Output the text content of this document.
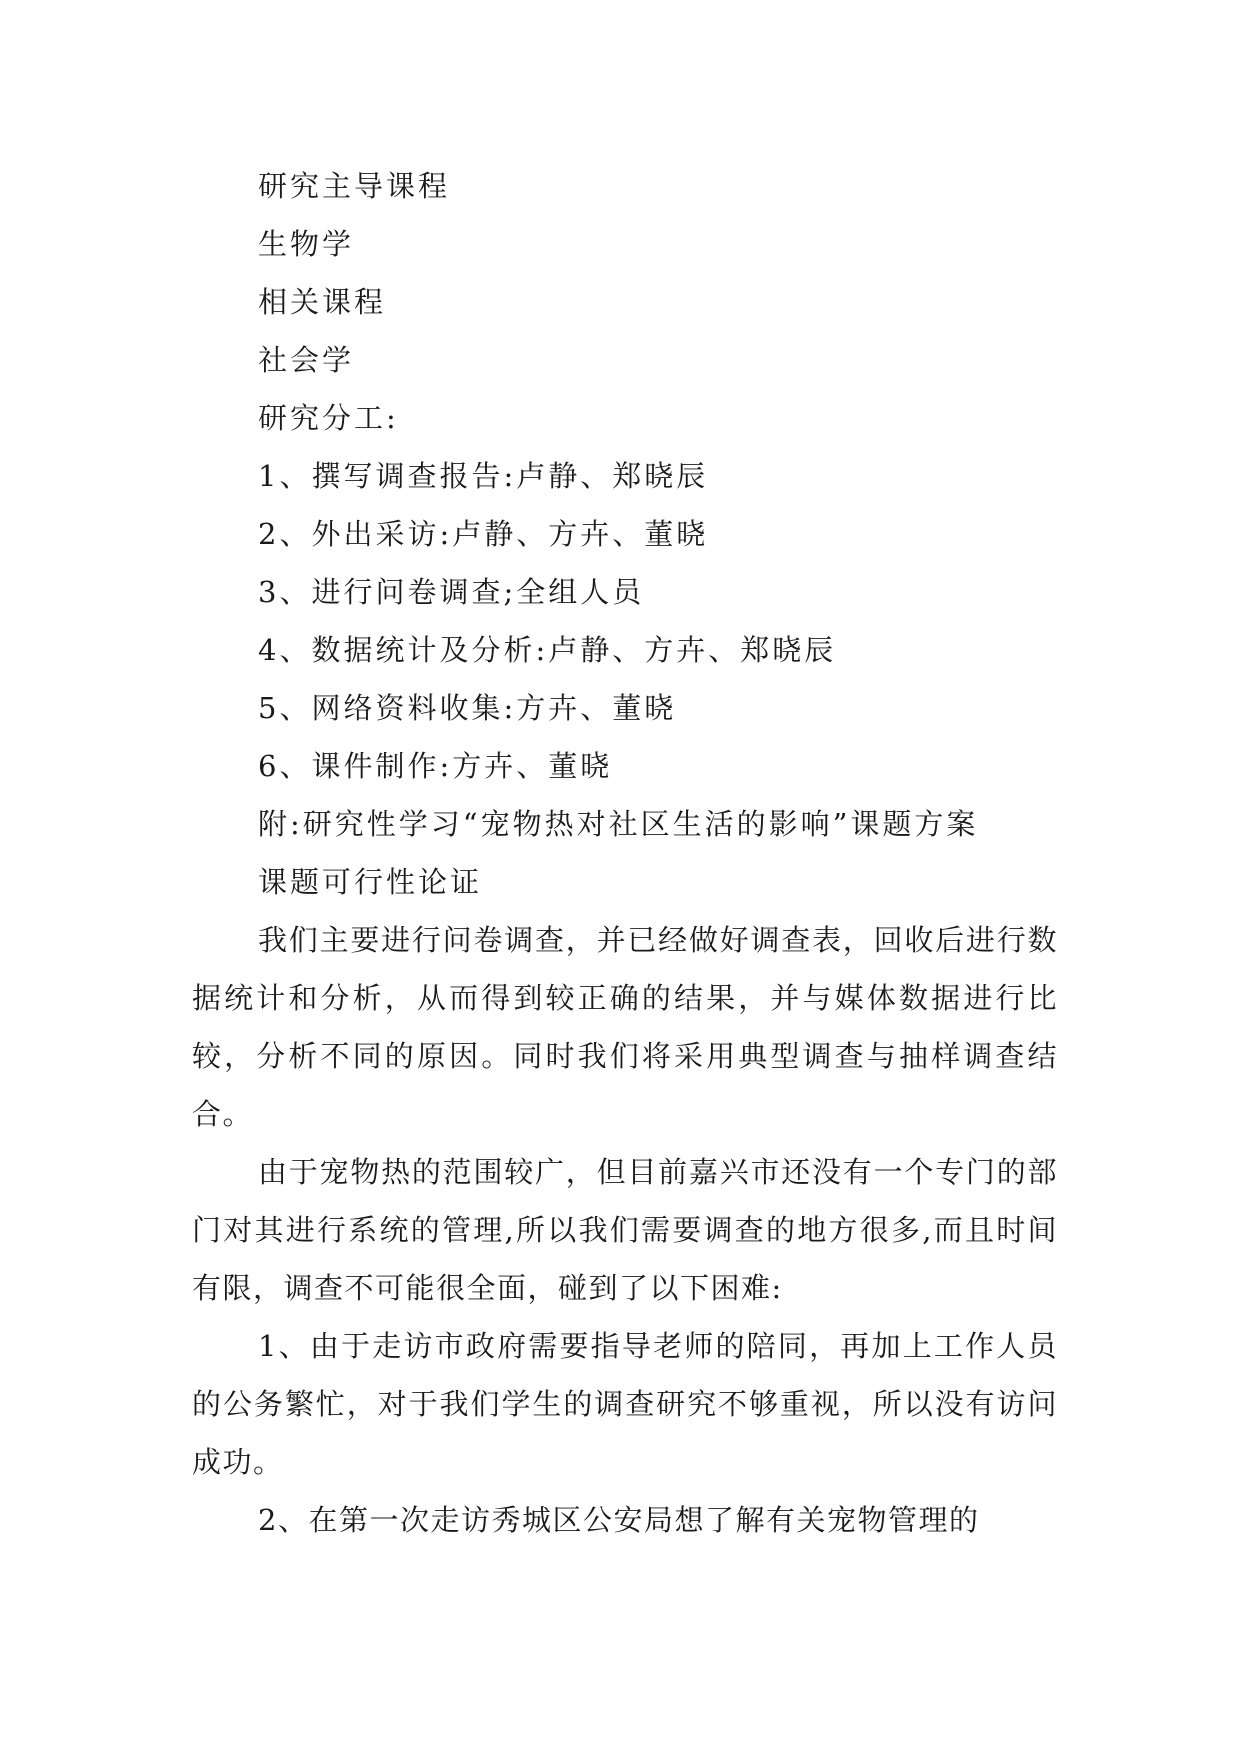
研究主导课程
生物学
相关课程
社会学
研究分工:
1、撰写调查报告:卢静、郑晓辰
2、外出采访:卢静、方卉、董晓
3、进行问卷调查;全组人员
4、数据统计及分析:卢静、方卉、郑晓辰
5、网络资料收集:方卉、董晓
6、课件制作:方卉、董晓
附:研究性学习“宠物热对社区生活的影响”课题方案
课题可行性论证
我们主要进行问卷调查，并已经做好调查表，回收后进行数据统计和分析，从而得到较正确的结果，并与媒体数据进行比较，分析不同的原因。同时我们将采用典型调查与抽样调查结合。
由于宠物热的范围较广，但目前嘉兴市还没有一个专门的部门对其进行系统的管理,所以我们需要调查的地方很多,而且时间有限，调查不可能很全面，碰到了以下困难:
1、由于走访市政府需要指导老师的陪同，再加上工作人员的公务繁忙，对于我们学生的调查研究不够重视，所以没有访问成功。
2、在第一次走访秀城区公安局想了解有关宠物管理的
